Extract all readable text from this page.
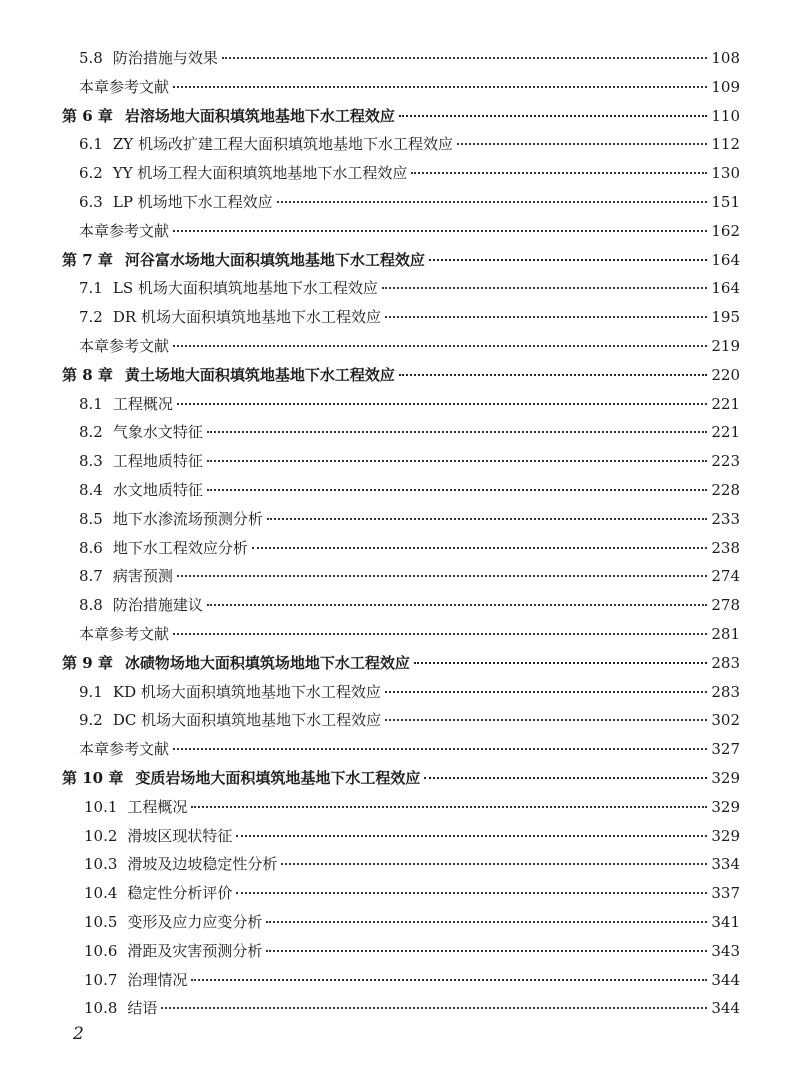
5.8 防治措施与效果	108
本章参考文献	109
第 6 章 岩溶场地大面积填筑地基地下水工程效应	110
6.1 ZY 机场改扩建工程大面积填筑地基地下水工程效应	112
6.2 YY 机场工程大面积填筑地基地下水工程效应	130
6.3 LP 机场地下水工程效应	151
本章参考文献	162
第 7 章 河谷富水场地大面积填筑地基地下水工程效应	164
7.1 LS 机场大面积填筑地基地下水工程效应	164
7.2 DR 机场大面积填筑地基地下水工程效应	195
本章参考文献	219
第 8 章 黄土场地大面积填筑地基地下水工程效应	220
8.1 工程概况	221
8.2 气象水文特征	221
8.3 工程地质特征	223
8.4 水文地质特征	228
8.5 地下水渗流场预测分析	233
8.6 地下水工程效应分析	238
8.7 病害预测	274
8.8 防治措施建议	278
本章参考文献	281
第 9 章 冰碛物场地大面积填筑场地地下水工程效应	283
9.1 KD 机场大面积填筑地基地下水工程效应	283
9.2 DC 机场大面积填筑地基地下水工程效应	302
本章参考文献	327
第 10 章 变质岩场地大面积填筑地基地下水工程效应	329
10.1 工程概况	329
10.2 滑坡区现状特征	329
10.3 滑坡及边坡稳定性分析	334
10.4 稳定性分析评价	337
10.5 变形及应力应变分析	341
10.6 滑距及灾害预测分析	343
10.7 治理情况	344
10.8 结语	344
2
